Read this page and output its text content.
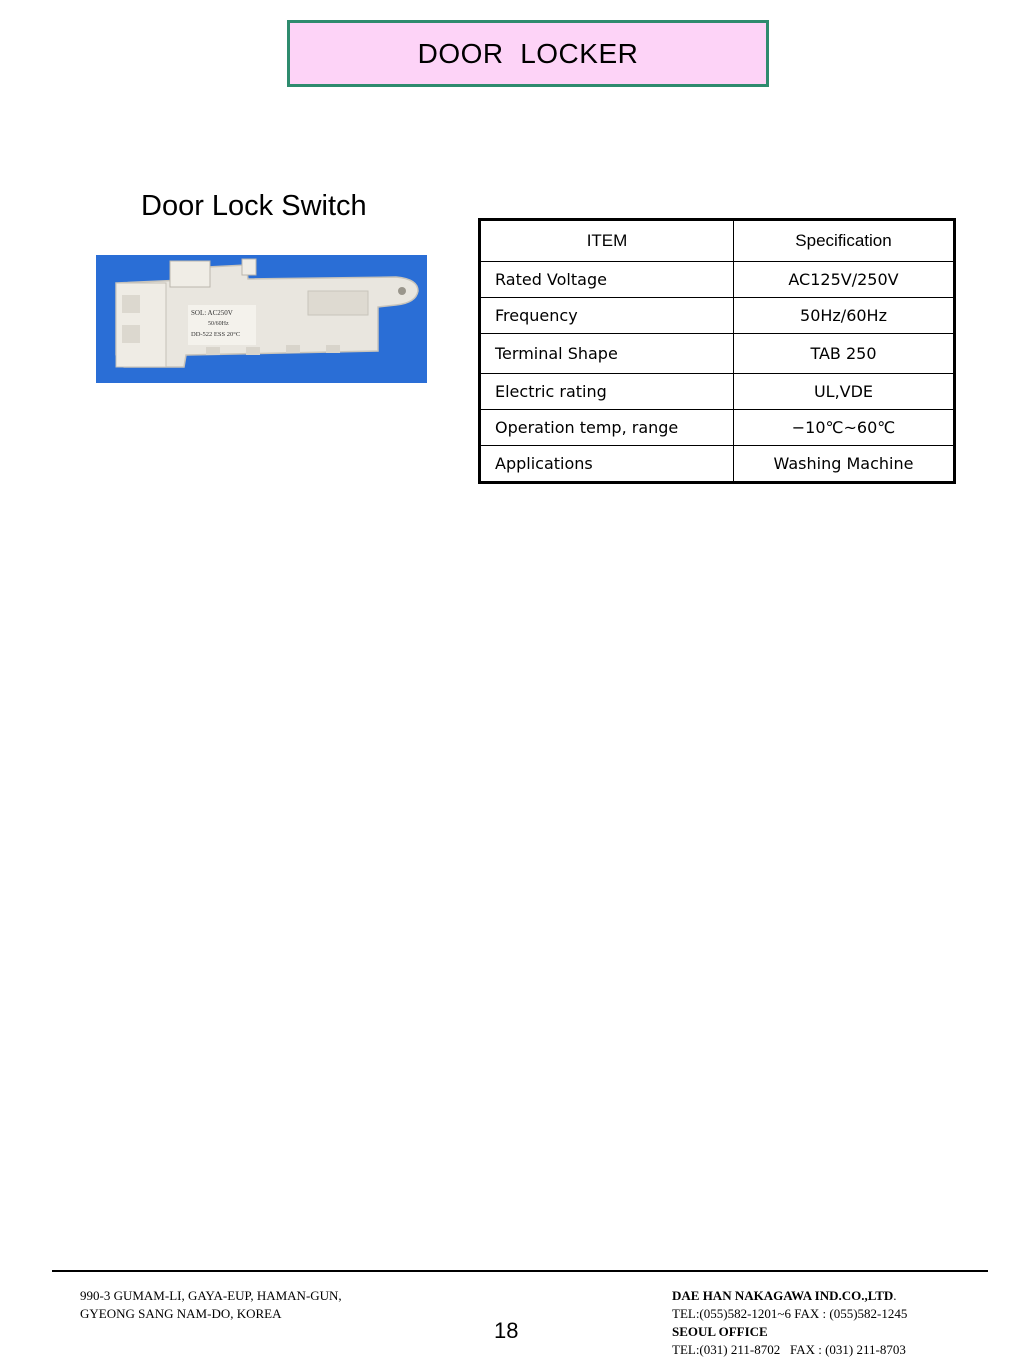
DOOR  LOCKER
Door Lock Switch
SOL: AC250V
50/60Hz
DD-522 ESS 20°C
ITEM	Specification
Rated Voltage	AC125V/250V
Frequency	50Hz/60Hz
Terminal Shape	TAB 250
Electric rating	UL,VDE
Operation temp, range	−10℃~60℃
Applications	Washing Machine
990-3 GUMAM-LI, GAYA-EUP, HAMAN-GUN,
GYEONG SANG NAM-DO, KOREA
18
DAE HAN NAKAGAWA IND.CO.,LTD.
TEL:(055)582-1201~6 FAX : (055)582-1245
SEOUL OFFICE
TEL:(031) 211-8702   FAX : (031) 211-8703
